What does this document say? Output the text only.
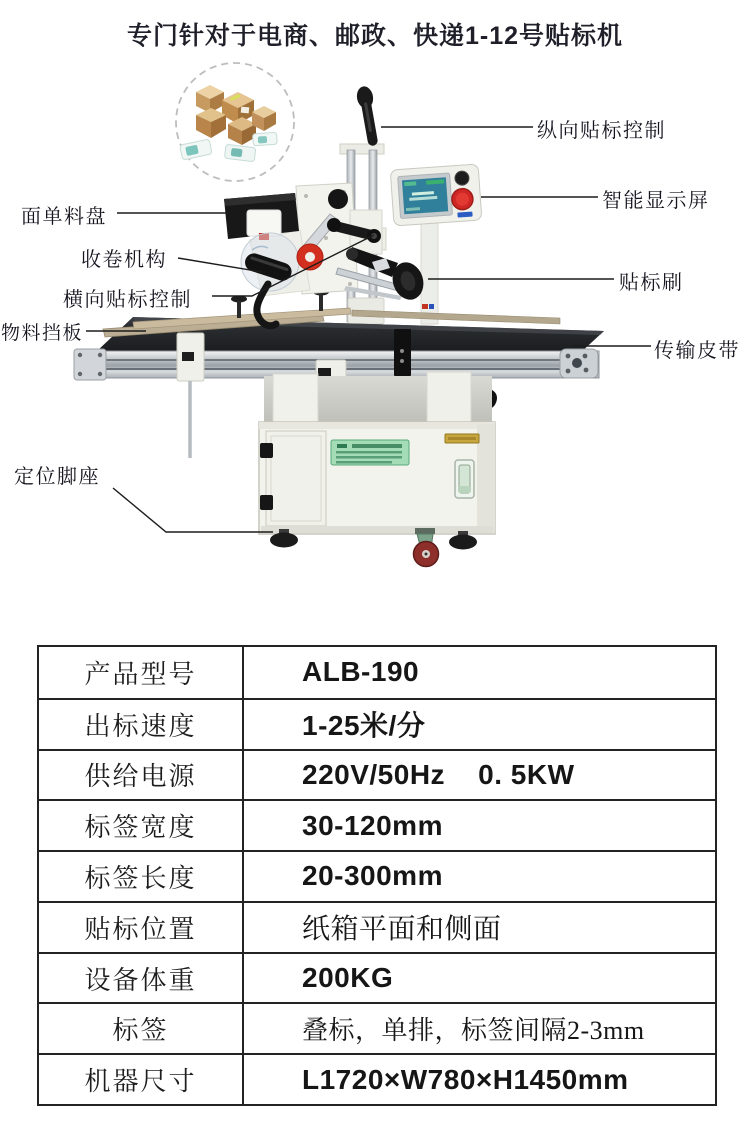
专门针对于电商、邮政、快递1-12号贴标机
纵向贴标控制
智能显示屏
贴标刷
传输皮带
面单料盘
收卷机构
横向贴标控制
物料挡板
定位脚座
产品型号	ALB-190
出标速度	1-25米/分
供给电源	220V/50Hz    0. 5KW
标签宽度	30-120mm
标签长度	20-300mm
贴标位置	纸箱平面和侧面
设备体重	200KG
标签	叠标，单排，标签间隔2-3mm
机器尺寸	L1720×W780×H1450mm
